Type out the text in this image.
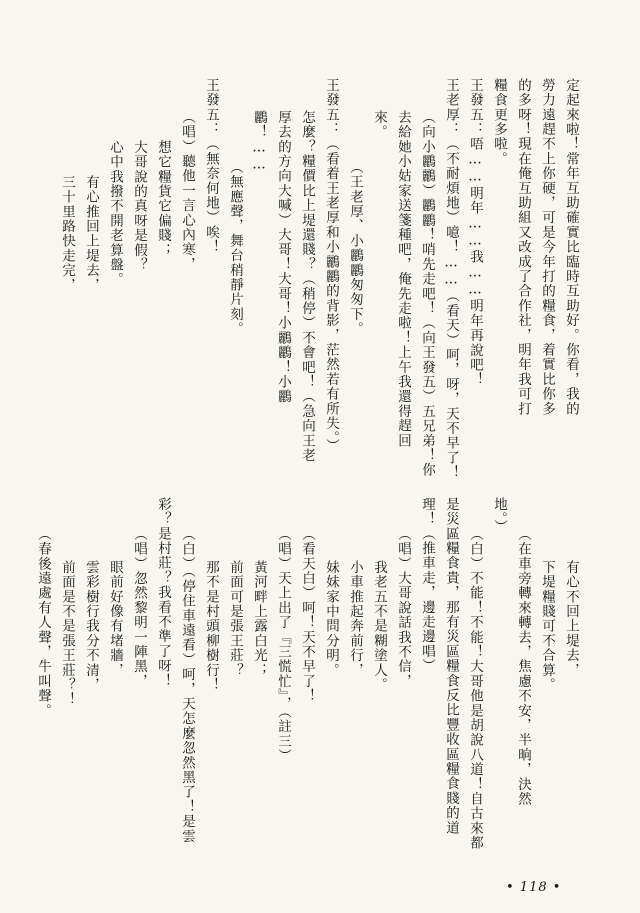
定起來啦！常年互助確實比臨時互助好。你看，我的
勞力遠趕不上你硬，可是今年打的糧食，着實比你多
的多呀！現在俺互助組又改成了合作社，明年我可打
糧食更多啦。
王發五：唔……明年……我……明年再說吧！
王老厚：（不耐煩地）噫！……（看天）呵，呀，天不早了！
（向小鸝鸝）鸝鸝！哨先走吧！（向王發五）五兄弟！你
去給她小姑家送箋種吧，俺先走啦！上午我還得趕回
來。
（王老厚、小鸝鸝匆匆下。
王發五：（看着王老厚和小鸝鸝的背影，茫然若有所失。）
怎麼？糧價比上堤還賤？（稍停）不會吧！（急向王老
厚去的方向大喊）大哥！大哥！小鸝鸝！小鸝
鸝！……
（無應聲，舞台稍靜片刻。
王發五：（無奈何地）唉！
（唱）聽他一言心內寒，
想它糧貨它偏賤；
大哥說的真呀是假？
心中我撥不開老算盤。
有心推回上堤去，
三十里路快走完，
有心不回上堤去，
下堤糧賤可不合算。
（在車旁轉來轉去，焦慮不安，半晌，決然
地。）
（白）不能！不能！大哥他是胡說八道！自古來都
是災區糧食貴，那有災區糧食反比豐收區糧食賤的道
理！（推車走，邊走邊唱）
（唱）大哥說話我不信，
我老五不是糊塗人。
小車推起奔前行，
妹妹家中問分明。
（看天白）呵！天不早了！
（唱）天上出了『三慌忙』，（註三）
黃河畔上露白光；
前面可是張王莊？
那不是村頭柳樹行！
（白）（停住車遠看）呵，天怎麼忽然黑了！是雲
彩？是村莊？我看不準了呀！
（唱）忽然黎明一陣黑，
眼前好像有堵牆，
雲彩樹行我分不清，
前面是不是張王莊？！
（春後遠處有人聲，牛叫聲。
• 118 •
